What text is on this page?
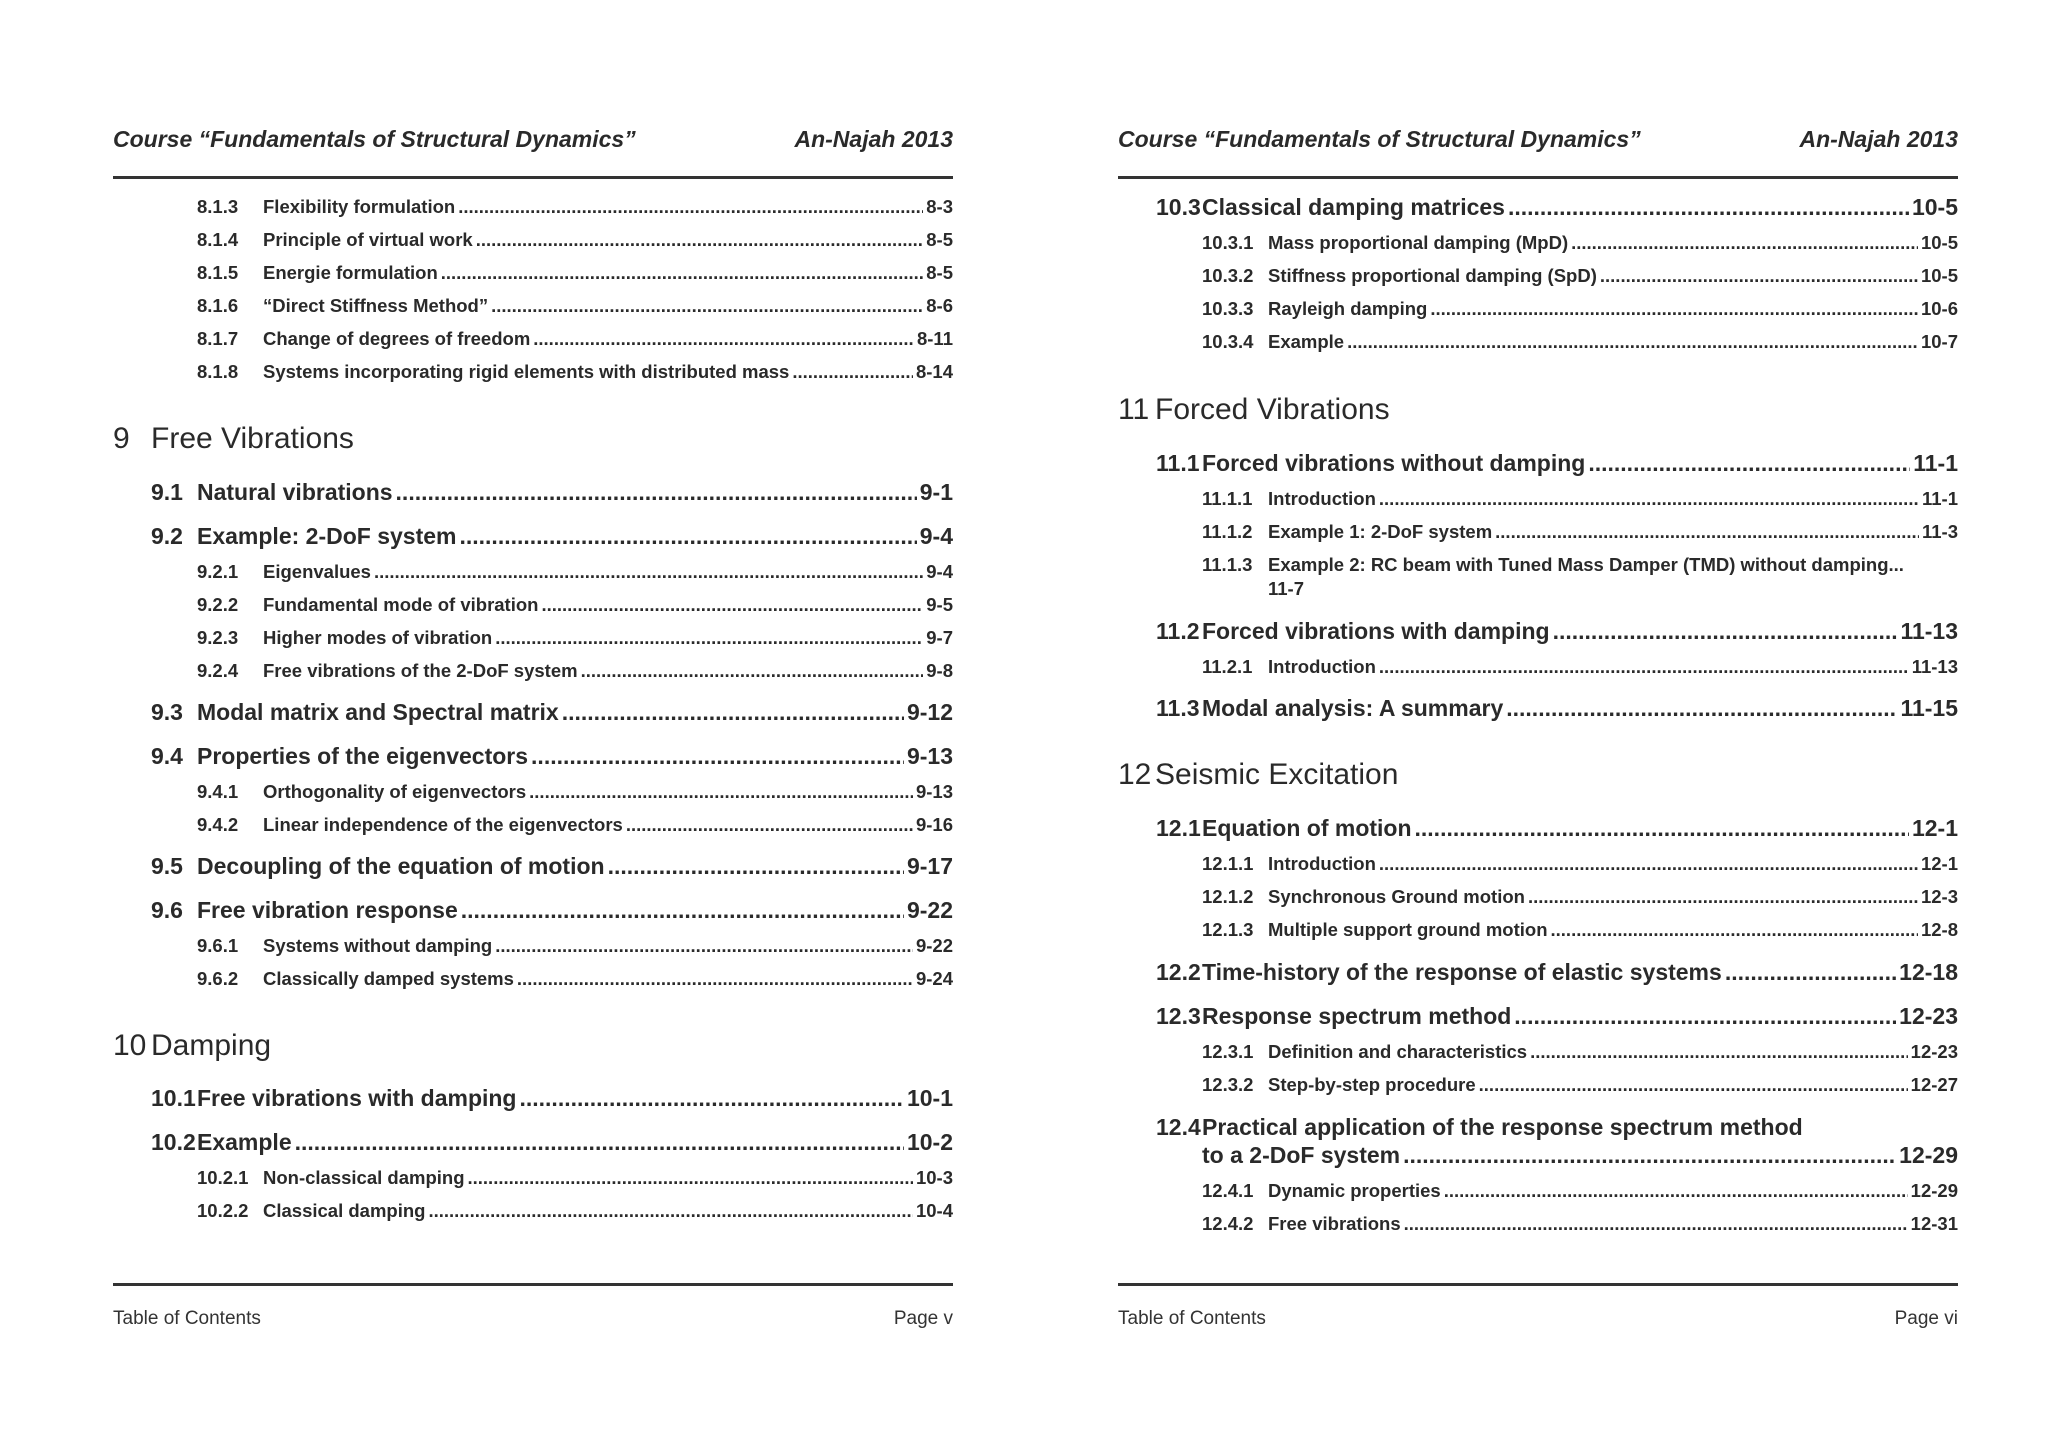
Course “Fundamentals of Structural Dynamics”	An-Najah 2013
8.1.3	Flexibility formulation .....	8-3
8.1.4	Principle of virtual work .....	8-5
8.1.5	Energie formulation .....	8-5
8.1.6	“Direct Stiffness Method” .....	8-6
8.1.7	Change of degrees of freedom .....	8-11
8.1.8	Systems incorporating rigid elements with distributed mass .....	8-14
9 Free Vibrations
9.1 Natural vibrations .....	9-1
9.2 Example: 2-DoF system .....	9-4
9.2.1	Eigenvalues .....	9-4
9.2.2	Fundamental mode of vibration .....	9-5
9.2.3	Higher modes of vibration .....	9-7
9.2.4	Free vibrations of the 2-DoF system .....	9-8
9.3 Modal matrix and Spectral matrix .....	9-12
9.4 Properties of the eigenvectors .....	9-13
9.4.1	Orthogonality of eigenvectors .....	9-13
9.4.2	Linear independence of the eigenvectors .....	9-16
9.5 Decoupling of the equation of motion .....	9-17
9.6 Free vibration response .....	9-22
9.6.1	Systems without damping .....	9-22
9.6.2	Classically damped systems .....	9-24
10 Damping
10.1 Free vibrations with damping .....	10-1
10.2 Example .....	10-2
10.2.1 Non-classical damping .....	10-3
10.2.2 Classical damping .....	10-4
Table of Contents	Page v
Course “Fundamentals of Structural Dynamics”	An-Najah 2013
10.3 Classical damping matrices .....	10-5
10.3.1 Mass proportional damping (MpD) .....	10-5
10.3.2 Stiffness proportional damping (SpD) .....	10-5
10.3.3 Rayleigh damping .....	10-6
10.3.4 Example .....	10-7
11 Forced Vibrations
11.1 Forced vibrations without damping .....	11-1
11.1.1 Introduction .....	11-1
11.1.2 Example 1: 2-DoF system .....	11-3
11.1.3 Example 2: RC beam with Tuned Mass Damper (TMD) without damping...
11-7
11.2 Forced vibrations with damping .....	11-13
11.2.1 Introduction .....	11-13
11.3 Modal analysis: A summary .....	11-15
12 Seismic Excitation
12.1 Equation of motion .....	12-1
12.1.1 Introduction .....	12-1
12.1.2 Synchronous Ground motion .....	12-3
12.1.3 Multiple support ground motion .....	12-8
12.2 Time-history of the response of elastic systems .....	12-18
12.3 Response spectrum method .....	12-23
12.3.1 Definition and characteristics .....	12-23
12.3.2 Step-by-step procedure .....	12-27
12.4 Practical application of the response spectrum method
to a 2-DoF system .....	12-29
12.4.1 Dynamic properties .....	12-29
12.4.2 Free vibrations .....	12-31
Table of Contents	Page vi
